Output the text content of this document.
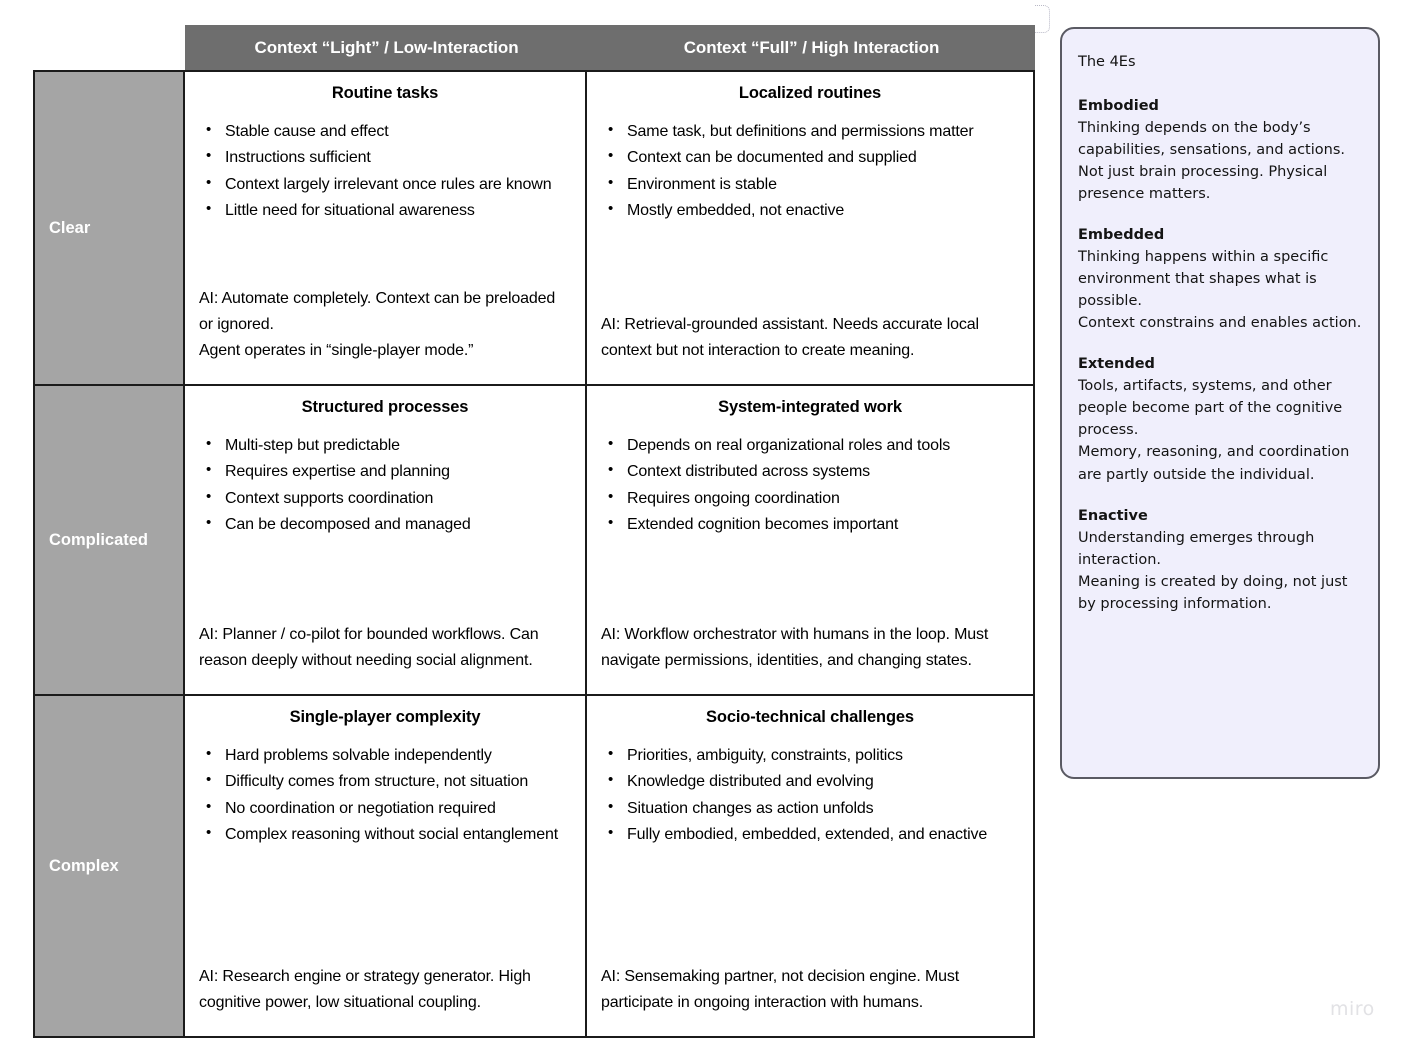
Context “Light” / Low-Interaction	Context “Full” / High Interaction
Clear
Routine tasks
• Stable cause and effect
• Instructions sufficient
• Context largely irrelevant once rules are known
• Little need for situational awareness
AI: Automate completely. Context can be preloaded or ignored.
Agent operates in “single-player mode.”
Localized routines
• Same task, but definitions and permissions matter
• Context can be documented and supplied
• Environment is stable
• Mostly embedded, not enactive
AI: Retrieval-grounded assistant. Needs accurate local context but not interaction to create meaning.
Complicated
Structured processes
• Multi-step but predictable
• Requires expertise and planning
• Context supports coordination
• Can be decomposed and managed
AI: Planner / co-pilot for bounded workflows. Can reason deeply without needing social alignment.
System-integrated work
• Depends on real organizational roles and tools
• Context distributed across systems
• Requires ongoing coordination
• Extended cognition becomes important
AI: Workflow orchestrator with humans in the loop. Must navigate permissions, identities, and changing states.
Complex
Single-player complexity
• Hard problems solvable independently
• Difficulty comes from structure, not situation
• No coordination or negotiation required
• Complex reasoning without social entanglement
AI: Research engine or strategy generator. High cognitive power, low situational coupling.
Socio-technical challenges
• Priorities, ambiguity, constraints, politics
• Knowledge distributed and evolving
• Situation changes as action unfolds
• Fully embodied, embedded, extended, and enactive
AI: Sensemaking partner, not decision engine. Must participate in ongoing interaction with humans.
The 4Es
Embodied
Thinking depends on the body’s capabilities, sensations, and actions.
Not just brain processing. Physical presence matters.
Embedded
Thinking happens within a specific environment that shapes what is possible.
Context constrains and enables action.
Extended
Tools, artifacts, systems, and other people become part of the cognitive process.
Memory, reasoning, and coordination are partly outside the individual.
Enactive
Understanding emerges through interaction.
Meaning is created by doing, not just by processing information.
miro
